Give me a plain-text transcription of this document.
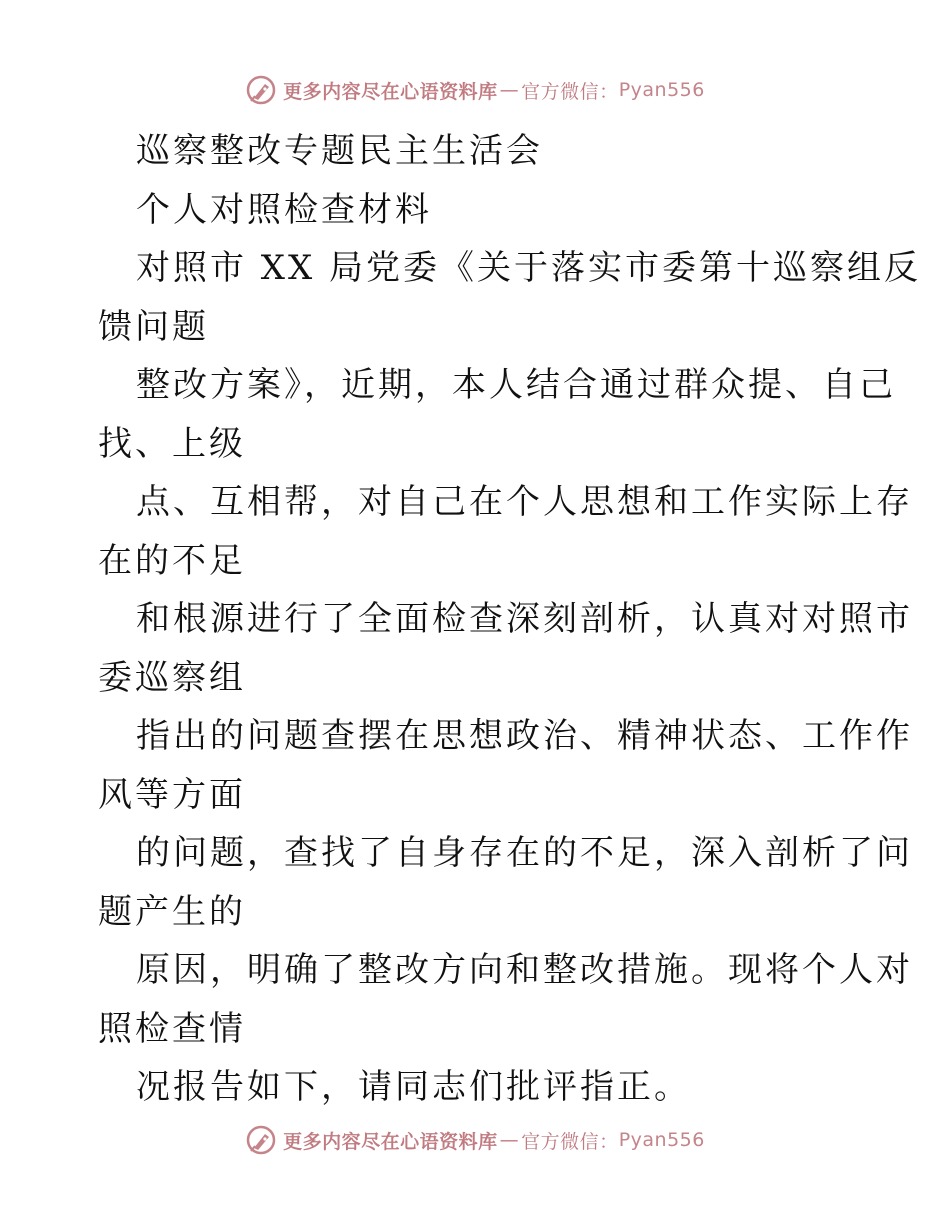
更多内容尽在心语资料库 — 官方微信： Pyan556
巡察整改专题民主生活会
个人对照检查材料
对照市 XX 局党委《关于落实市委第十巡察组反
馈问题
整改方案》，近期，本人结合通过群众提、自己
找、上级
点、互相帮，对自己在个人思想和工作实际上存
在的不足
和根源进行了全面检查深刻剖析，认真对对照市
委巡察组
指出的问题查摆在思想政治、精神状态、工作作
风等方面
的问题，查找了自身存在的不足，深入剖析了问
题产生的
原因，明确了整改方向和整改措施。现将个人对
照检查情
况报告如下，请同志们批评指正。
更多内容尽在心语资料库 — 官方微信： Pyan556
